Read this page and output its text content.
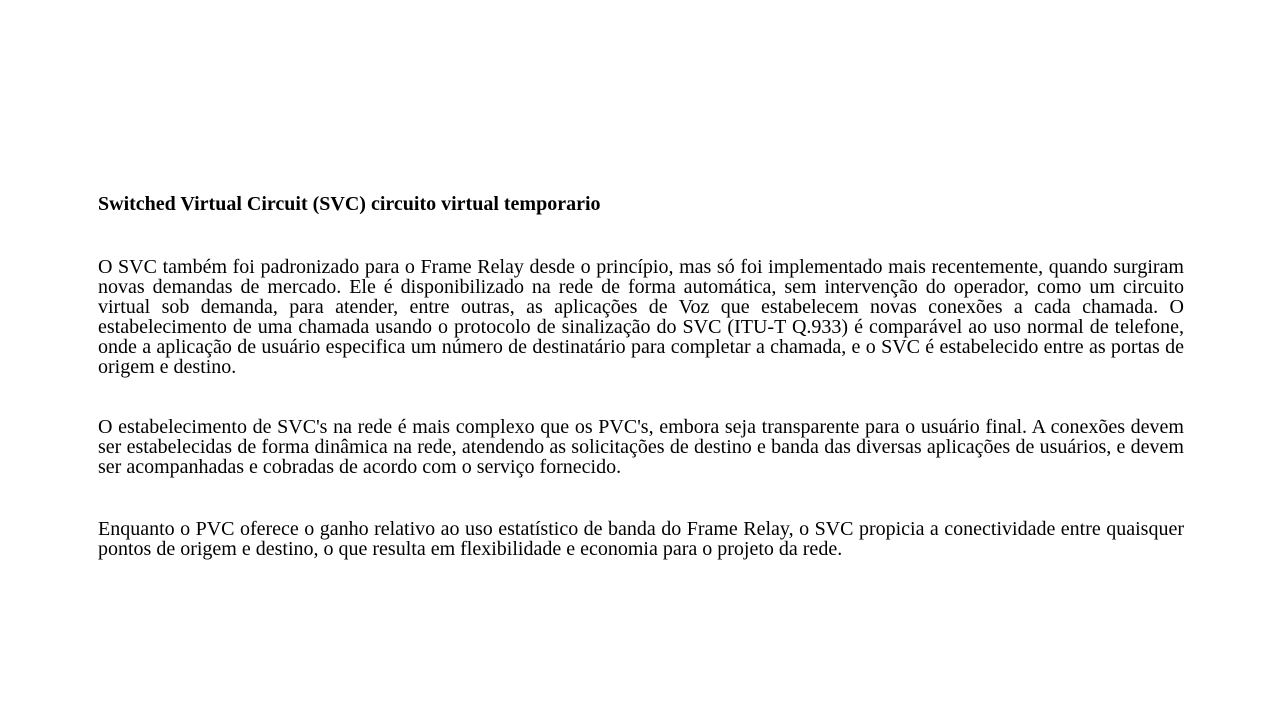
Switched Virtual Circuit (SVC) circuito virtual temporario

O SVC também foi padronizado para o Frame Relay desde o princípio, mas só foi implementado mais recentemente, quando surgiram novas demandas de mercado. Ele é disponibilizado na rede de forma automática, sem intervenção do operador, como um circuito virtual sob demanda, para atender, entre outras, as aplicações de Voz que estabelecem novas conexões a cada chamada. O estabelecimento de uma chamada usando o protocolo de sinalização do SVC (ITU-T Q.933) é comparável ao uso normal de telefone, onde a aplicação de usuário especifica um número de destinatário para completar a chamada, e o SVC é estabelecido entre as portas de origem e destino.

O estabelecimento de SVC's na rede é mais complexo que os PVC's, embora seja transparente para o usuário final. A conexões devem ser estabelecidas de forma dinâmica na rede, atendendo as solicitações de destino e banda das diversas aplicações de usuários, e devem ser acompanhadas e cobradas de acordo com o serviço fornecido.

Enquanto o PVC oferece o ganho relativo ao uso estatístico de banda do Frame Relay, o SVC propicia a conectividade entre quaisquer pontos de origem e destino, o que resulta em flexibilidade e economia para o projeto da rede.
